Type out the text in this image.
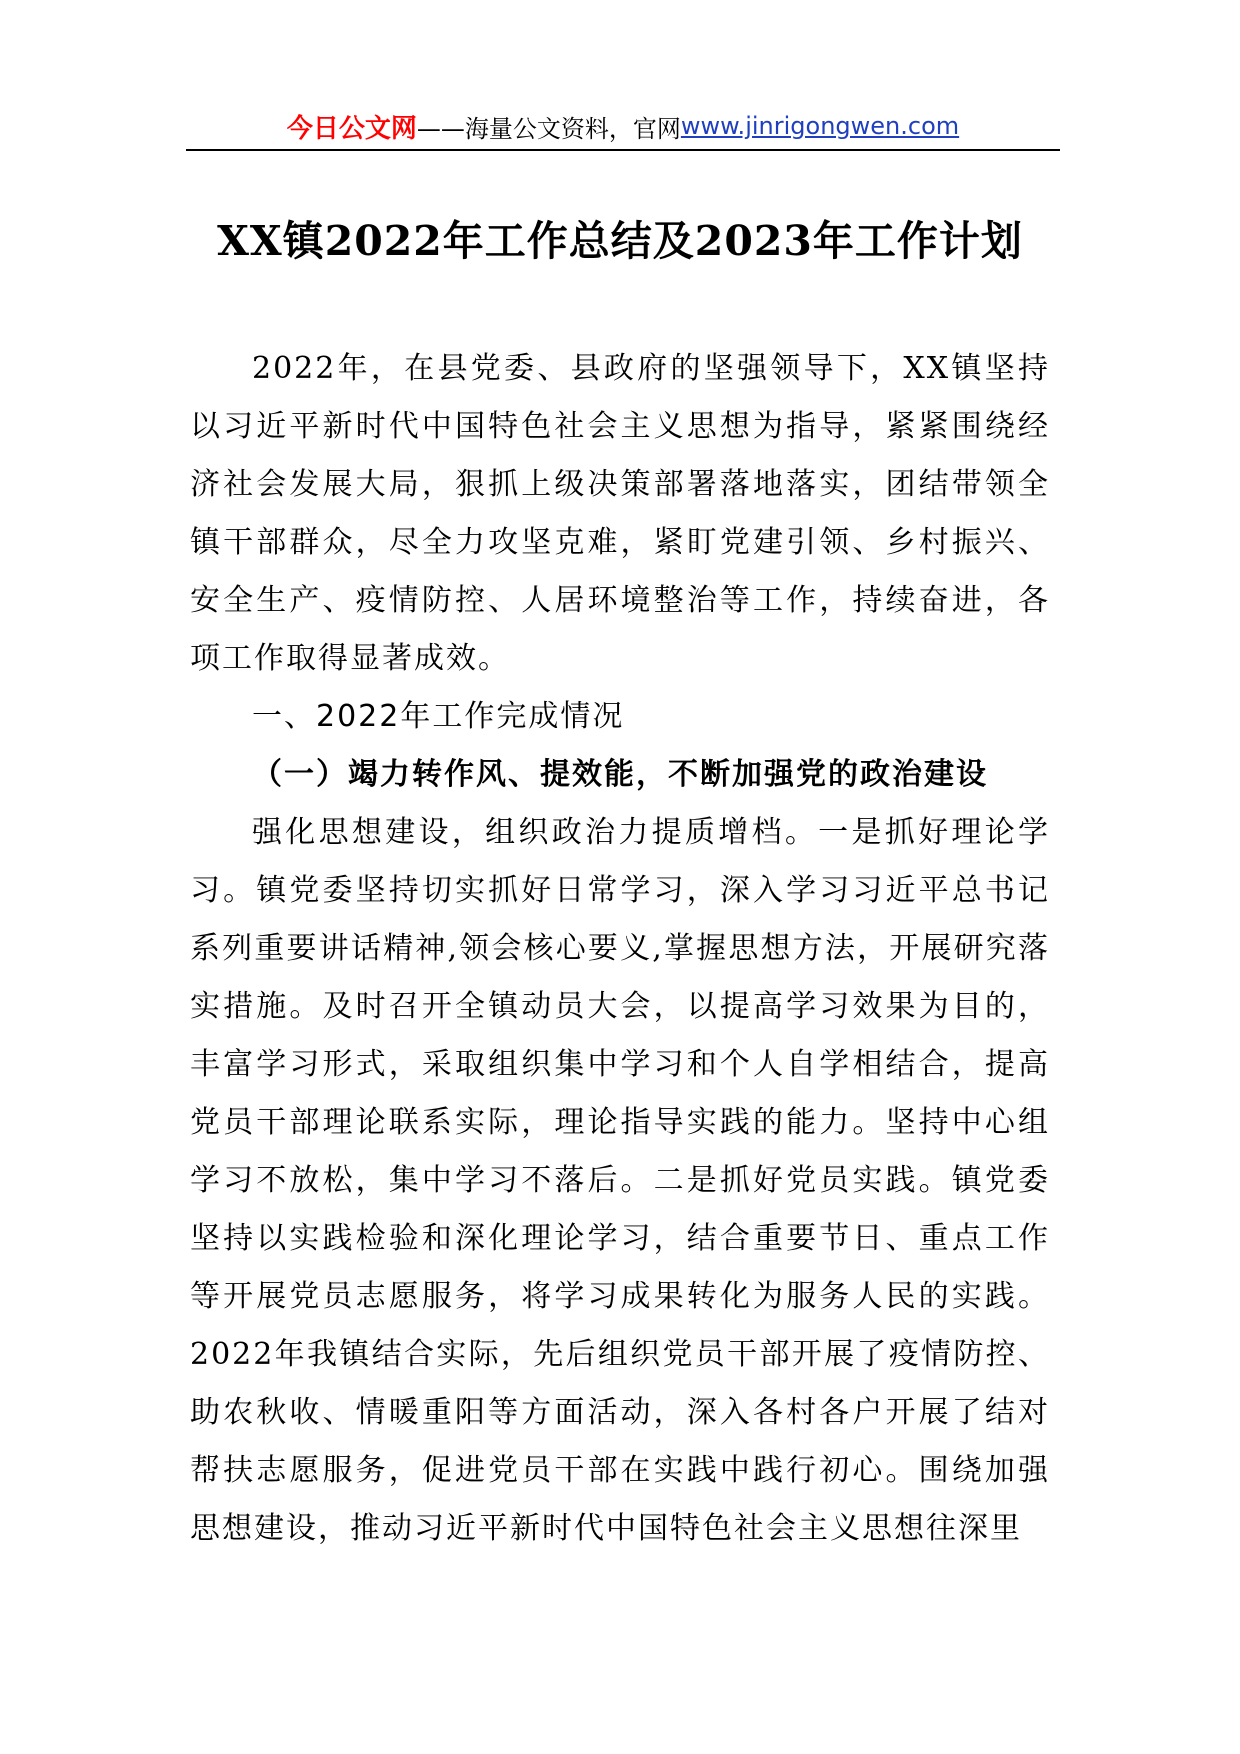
今日公文网 ——海量公文资料，官网 www.jinrigongwen.com
XX镇2022年工作总结及2023年工作计划

2022年，在县党委、县政府的坚强领导下，XX镇坚持以习近平新时代中国特色社会主义思想为指导，紧紧围绕经济社会发展大局，狠抓上级决策部署落地落实，团结带领全镇干部群众，尽全力攻坚克难，紧盯党建引领、乡村振兴、安全生产、疫情防控、人居环境整治等工作，持续奋进，各项工作取得显著成效。

一、2022年工作完成情况

（一）竭力转作风、提效能，不断加强党的政治建设

强化思想建设，组织政治力提质增档。一是抓好理论学习。镇党委坚持切实抓好日常学习，深入学习习近平总书记系列重要讲话精神,领会核心要义,掌握思想方法，开展研究落实措施。及时召开全镇动员大会，以提高学习效果为目的，丰富学习形式，采取组织集中学习和个人自学相结合，提高党员干部理论联系实际，理论指导实践的能力。坚持中心组学习不放松，集中学习不落后。二是抓好党员实践。镇党委坚持以实践检验和深化理论学习，结合重要节日、重点工作等开展党员志愿服务，将学习成果转化为服务人民的实践。2022年我镇结合实际，先后组织党员干部开展了疫情防控、助农秋收、情暖重阳等方面活动，深入各村各户开展了结对帮扶志愿服务，促进党员干部在实践中践行初心。围绕加强思想建设，推动习近平新时代中国特色社会主义思想往深里
